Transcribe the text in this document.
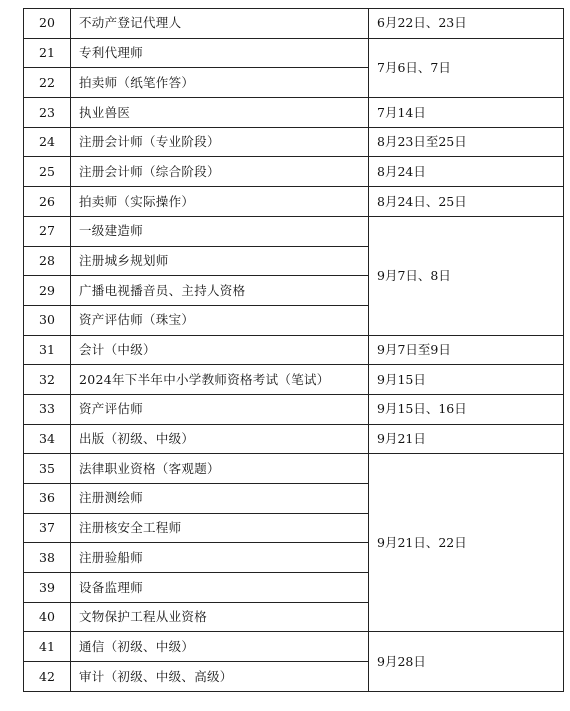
20	不动产登记代理人	6月22日、23日
21	专利代理师	7月6日、7日
22	拍卖师（纸笔作答）	
23	执业兽医	7月14日
24	注册会计师（专业阶段）	8月23日至25日
25	注册会计师（综合阶段）	8月24日
26	拍卖师（实际操作）	8月24日、25日
27	一级建造师	9月7日、8日
28	注册城乡规划师	
29	广播电视播音员、主持人资格	
30	资产评估师（珠宝）	
31	会计（中级）	9月7日至9日
32	2024年下半年中小学教师资格考试（笔试）	9月15日
33	资产评估师	9月15日、16日
34	出版（初级、中级）	9月21日
35	法律职业资格（客观题）	9月21日、22日
36	注册测绘师	
37	注册核安全工程师	
38	注册验船师	
39	设备监理师	
40	文物保护工程从业资格	
41	通信（初级、中级）	9月28日
42	审计（初级、中级、高级）	
